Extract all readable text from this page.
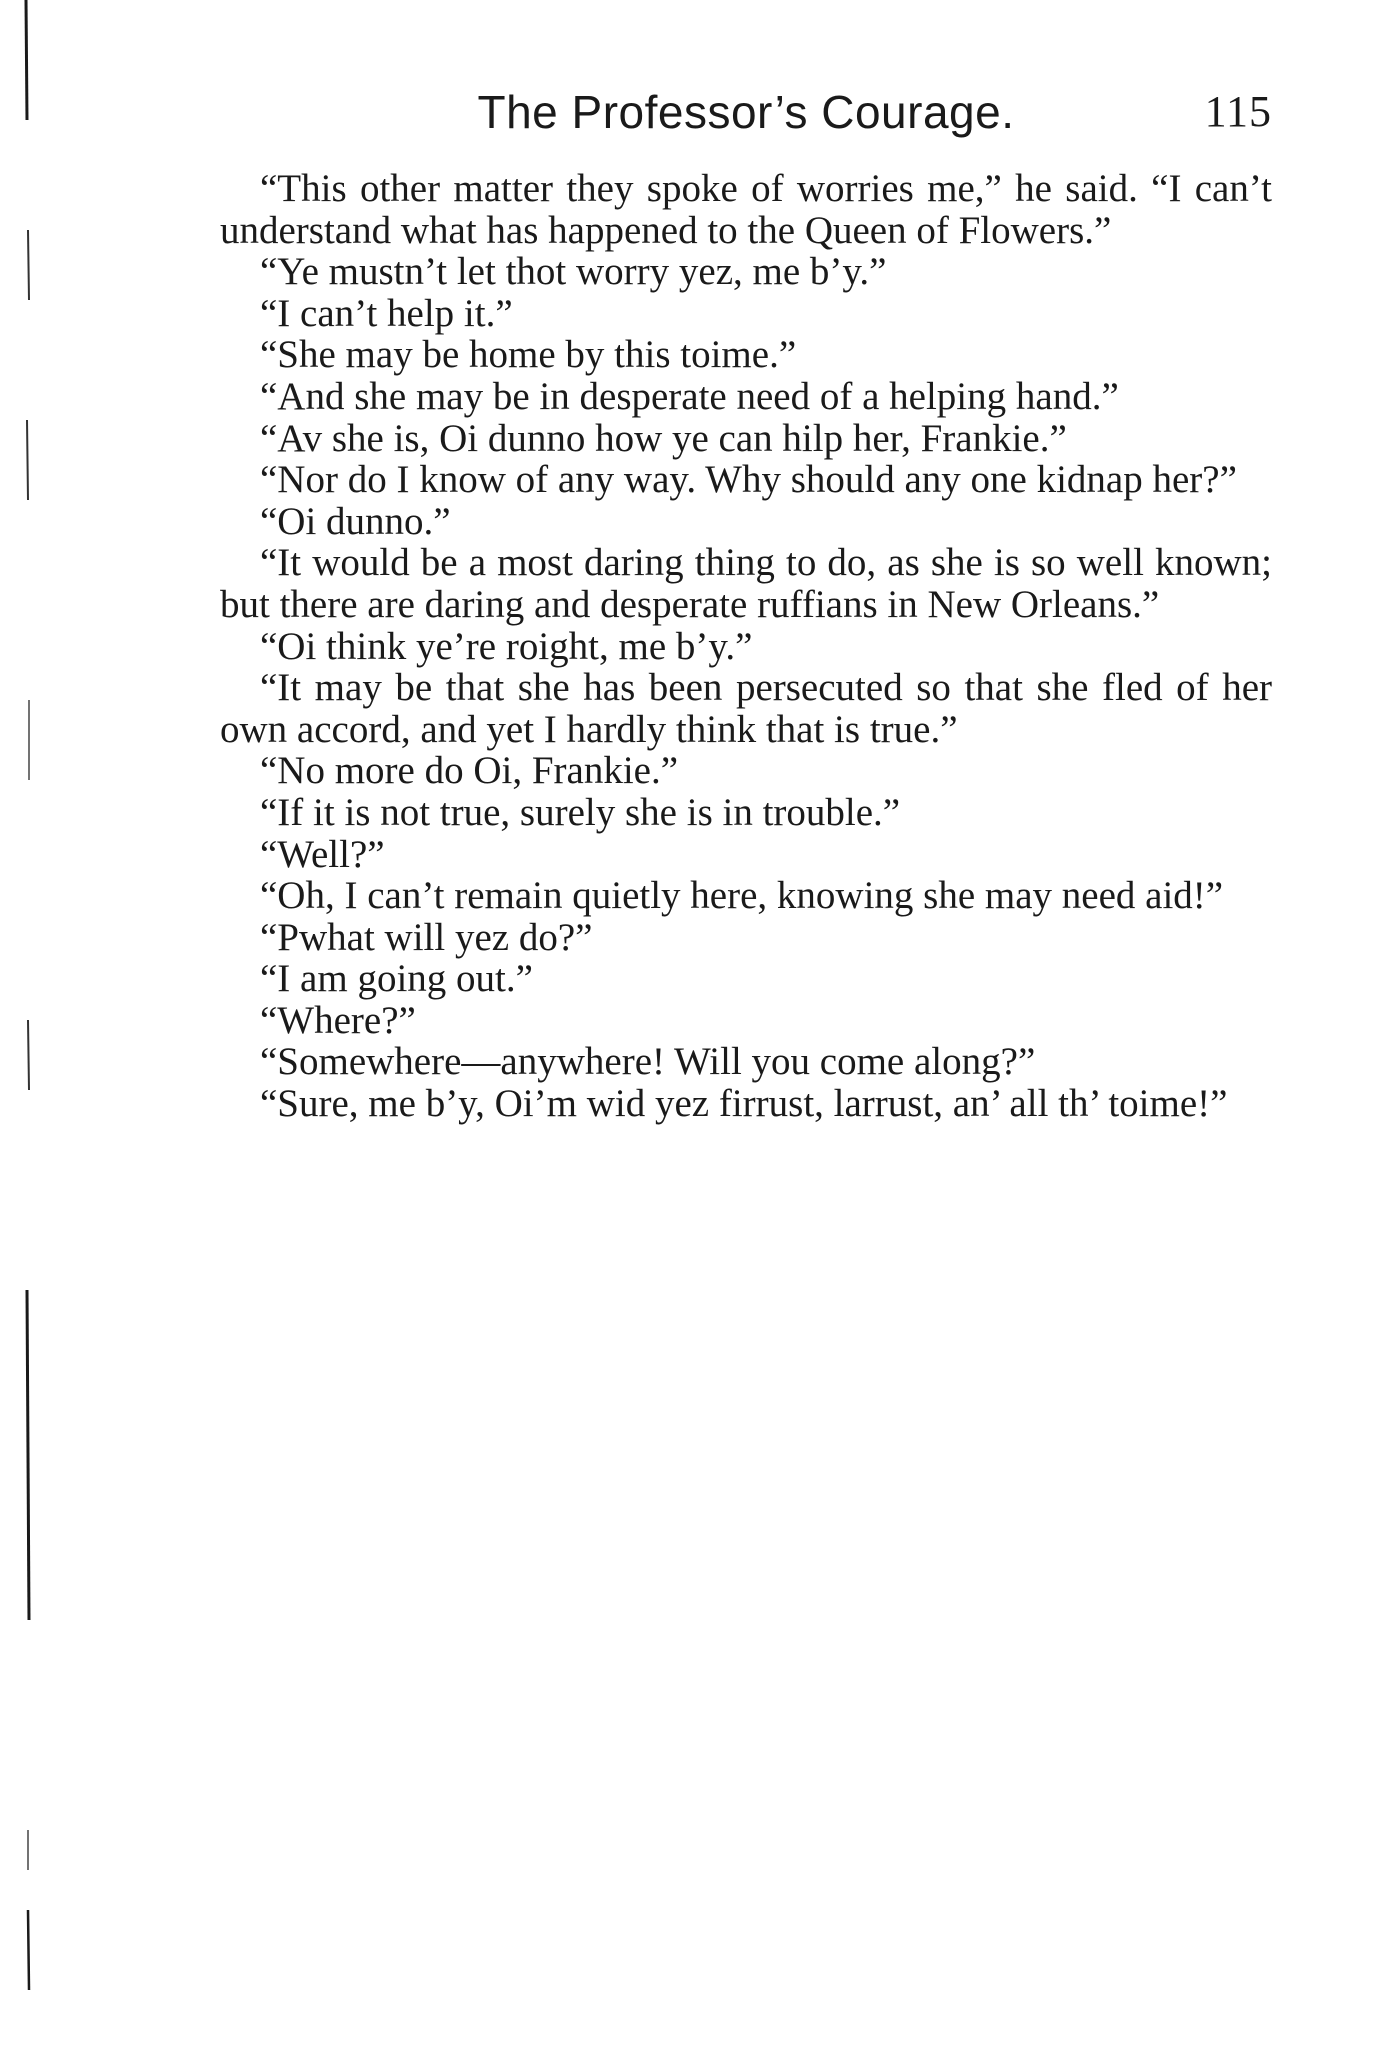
The Professor’s Courage.	115

“This other matter they spoke of worries me,” he said. “I can’t understand what has happened to the Queen of Flowers.”

“Ye mustn’t let thot worry yez, me b’y.”

“I can’t help it.”

“She may be home by this toime.”

“And she may be in desperate need of a helping hand.”

“Av she is, Oi dunno how ye can hilp her, Frankie.”

“Nor do I know of any way. Why should any one kidnap her?”

“Oi dunno.”

“It would be a most daring thing to do, as she is so well known; but there are daring and desperate ruffians in New Orleans.”

“Oi think ye’re roight, me b’y.”

“It may be that she has been persecuted so that she fled of her own accord, and yet I hardly think that is true.”

“No more do Oi, Frankie.”

“If it is not true, surely she is in trouble.”

“Well?”

“Oh, I can’t remain quietly here, knowing she may need aid!”

“Pwhat will yez do?”

“I am going out.”

“Where?”

“Somewhere—anywhere! Will you come along?”

“Sure, me b’y, Oi’m wid yez firrust, larrust, an’ all th’ toime!”
